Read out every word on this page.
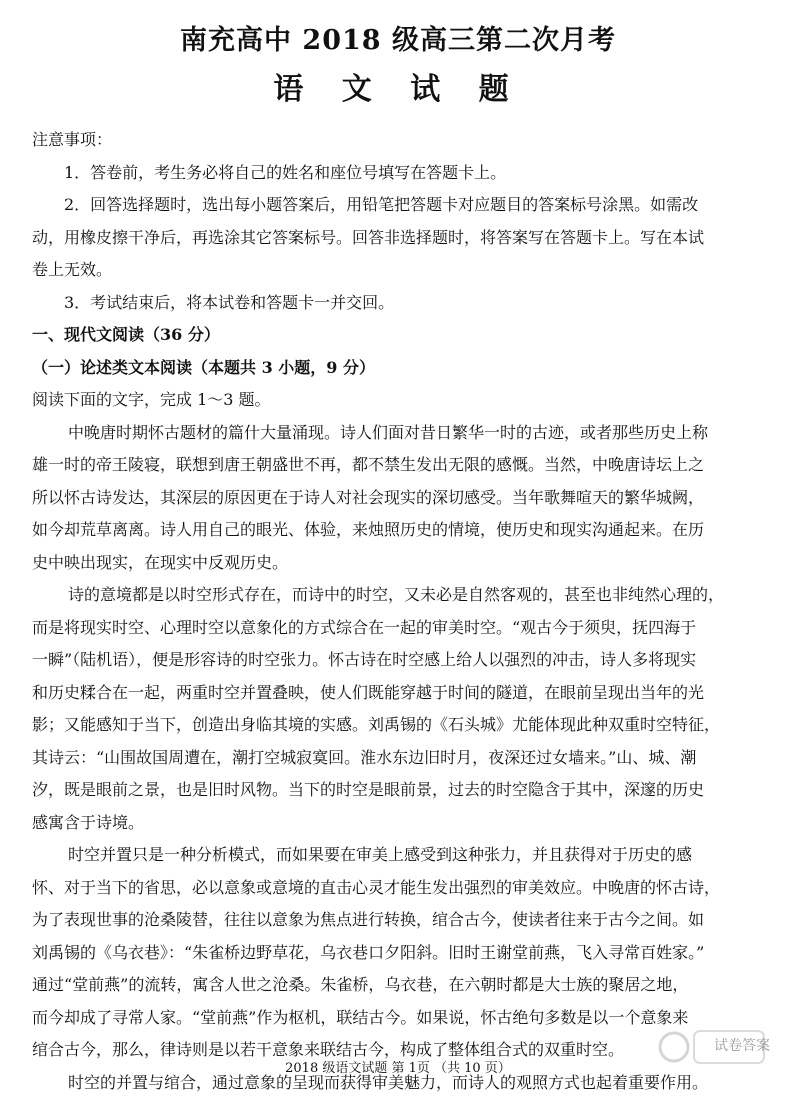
南充高中 2018 级高三第二次月考
语 文 试 题
注意事项：
1．答卷前，考生务必将自己的姓名和座位号填写在答题卡上。
2．回答选择题时，选出每小题答案后，用铅笔把答题卡对应题目的答案标号涂黑。如需改
动，用橡皮擦干净后，再选涂其它答案标号。回答非选择题时，将答案写在答题卡上。写在本试
卷上无效。
3．考试结束后，将本试卷和答题卡一并交回。
一、现代文阅读（36 分）
（一）论述类文本阅读（本题共 3 小题，9 分）
阅读下面的文字，完成 1～3 题。
中晚唐时期怀古题材的篇什大量涌现。诗人们面对昔日繁华一时的古迹，或者那些历史上称
雄一时的帝王陵寝，联想到唐王朝盛世不再，都不禁生发出无限的感慨。当然，中晚唐诗坛上之
所以怀古诗发达，其深层的原因更在于诗人对社会现实的深切感受。当年歌舞喧天的繁华城阙，
如今却荒草离离。诗人用自己的眼光、体验，来烛照历史的情境，使历史和现实沟通起来。在历
史中映出现实，在现实中反观历史。
诗的意境都是以时空形式存在，而诗中的时空，又未必是自然客观的，甚至也非纯然心理的，
而是将现实时空、心理时空以意象化的方式综合在一起的审美时空。“观古今于须臾，抚四海于
一瞬”（陆机语），便是形容诗的时空张力。怀古诗在时空感上给人以强烈的冲击，诗人多将现实
和历史糅合在一起，两重时空并置叠映，使人们既能穿越于时间的隧道，在眼前呈现出当年的光
影；又能感知于当下，创造出身临其境的实感。刘禹锡的《石头城》尤能体现此种双重时空特征，
其诗云：“山围故国周遭在，潮打空城寂寞回。淮水东边旧时月，夜深还过女墙来。”山、城、潮
汐，既是眼前之景，也是旧时风物。当下的时空是眼前景，过去的时空隐含于其中，深邃的历史
感寓含于诗境。
时空并置只是一种分析模式，而如果要在审美上感受到这种张力，并且获得对于历史的感
怀、对于当下的省思，必以意象或意境的直击心灵才能生发出强烈的审美效应。中晚唐的怀古诗，
为了表现世事的沧桑陵替，往往以意象为焦点进行转换，绾合古今，使读者往来于古今之间。如
刘禹锡的《乌衣巷》：“朱雀桥边野草花，乌衣巷口夕阳斜。旧时王谢堂前燕，飞入寻常百姓家。”
通过“堂前燕”的流转，寓含人世之沧桑。朱雀桥，乌衣巷，在六朝时都是大士族的聚居之地，
而今却成了寻常人家。“堂前燕”作为枢机，联结古今。如果说，怀古绝句多数是以一个意象来
绾合古今，那么，律诗则是以若干意象来联结古今，构成了整体组合式的双重时空。
时空的并置与绾合，通过意象的呈现而获得审美魅力，而诗人的观照方式也起着重要作用。
2018 级语文试题 第 1页 （共 10 页）
试卷答案
